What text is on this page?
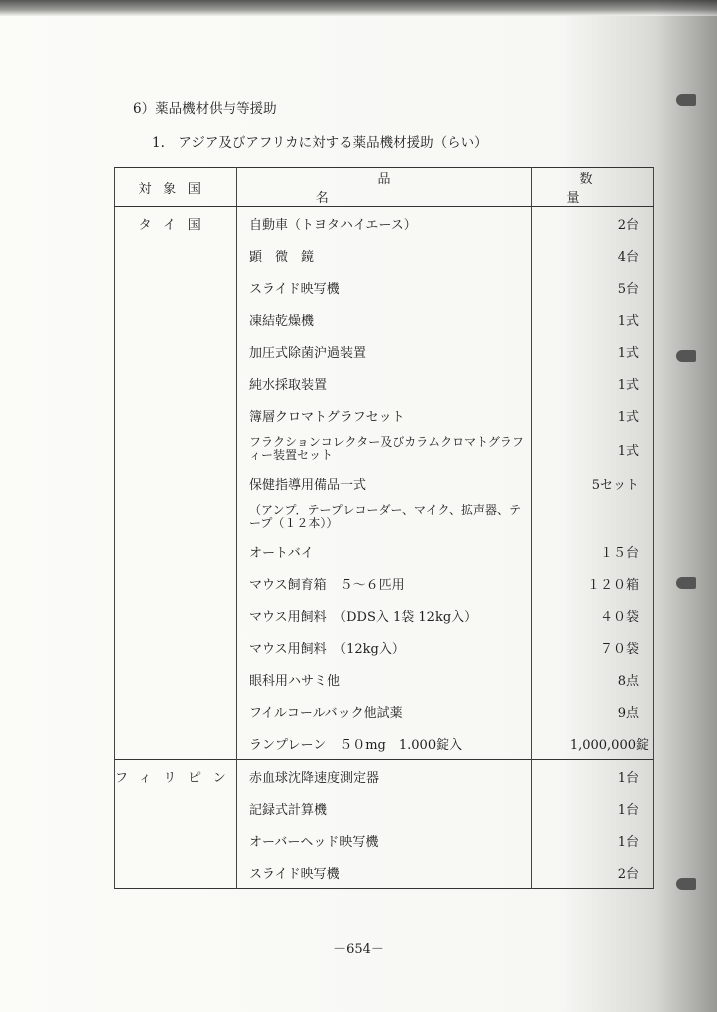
6）薬品機材供与等援助
1.　アジア及びアフリカに対する薬品機材援助（らい）
対象国	品名	数量
タイ国	自動車（トヨタハイエース）	2台
	顕　微　鏡	4台
	スライド映写機	5台
	凍結乾燥機	1式
	加圧式除菌沪過装置	1式
	純水採取装置	1式
	簿層クロマトグラフセット	1式
	フラクションコレクター及びカラムクロマトグラフィー装置セット	1式
	保健指導用備品一式	5セット
	（アンプ．テープレコーダー、マイク、拡声器、テープ（１２本））	
	オートバイ	１５台
	マウス飼育箱　５～６匹用	１２０箱
	マウス用飼料　（DDS入 1袋 12kg入）	４０袋
	マウス用飼料　（12kg入）	７０袋
	眼科用ハサミ他	8点
	フイルコールバック他試薬	9点
	ランプレーン　５０mg　1.000錠入	1,000,000錠
フィリピン	赤血球沈降速度測定器	1台
	記録式計算機	1台
	オーバーヘッド映写機	1台
	スライド映写機	2台
－654－
